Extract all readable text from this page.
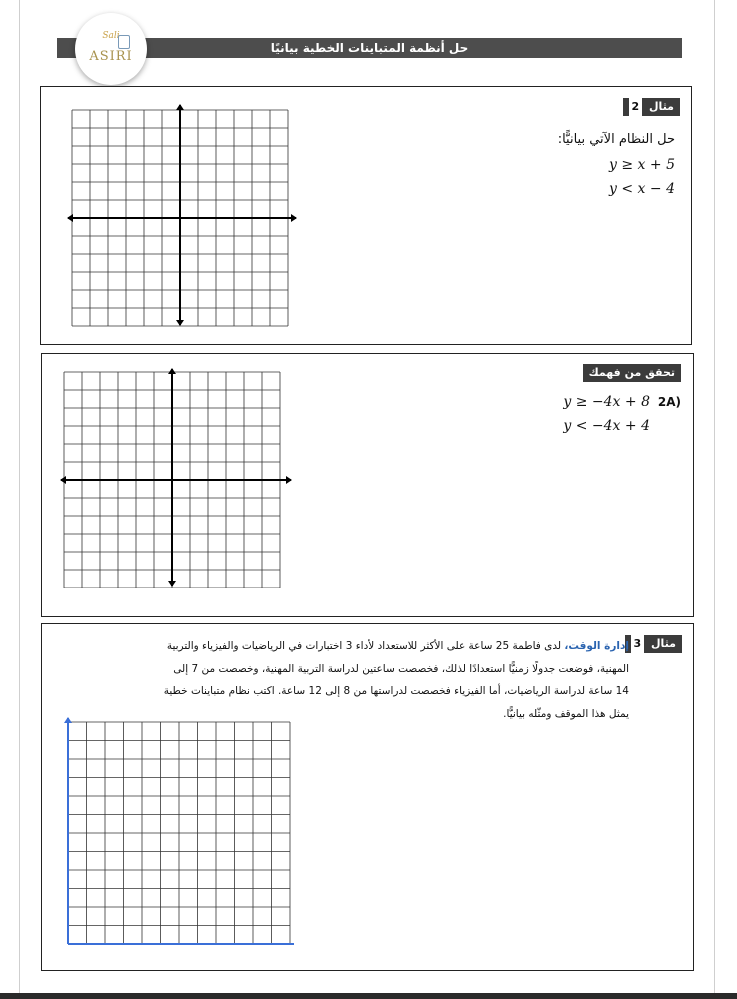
حل أنظمة المتباينات الخطية بيانيًا
Sali
ASIRI
مثال 2
حل النظام الآتي بيانيًّا:
y ≥ x + 5
y < x − 4
تحقق من فهمك
2A)
y ≥ −4x + 8
y < −4x + 4
مثال 3
إدارة الوقت، لدى فاطمة 25 ساعة على الأكثر للاستعداد لأداء 3 اختبارات في الرياضيات والفيزياء والتربية
المهنية، فوضعت جدولًا زمنيًّا استعدادًا لذلك، فخصصت ساعتين لدراسة التربية المهنية، وخصصت من 7 إلى
14 ساعة لدراسة الرياضيات، أما الفيزياء فخصصت لدراستها من 8 إلى 12 ساعة. اكتب نظام متباينات خطية
يمثل هذا الموقف ومثّله بيانيًّا.
